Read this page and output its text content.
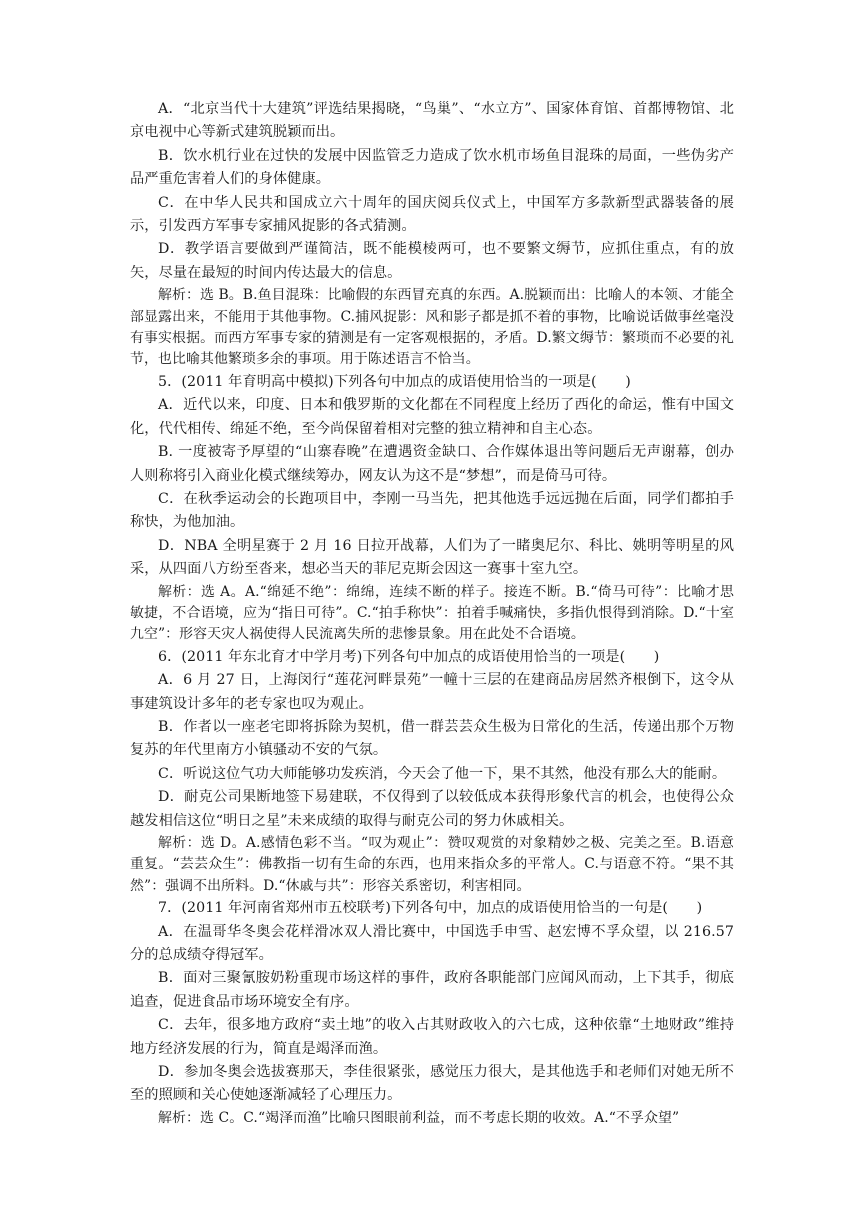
A．“北京当代十大建筑”评选结果揭晓，“鸟巢”、“水立方”、国家体育馆、首都博物馆、北京电视中心等新式建筑脱颖而出。

B．饮水机行业在过快的发展中因监管乏力造成了饮水机市场鱼目混珠的局面，一些伪劣产品严重危害着人们的身体健康。

C．在中华人民共和国成立六十周年的国庆阅兵仪式上，中国军方多款新型武器装备的展示，引发西方军事专家捕风捉影的各式猜测。

D．教学语言要做到严谨简洁，既不能模棱两可，也不要繁文缛节，应抓住重点，有的放矢，尽量在最短的时间内传达最大的信息。

解析：选 B。B.鱼目混珠：比喻假的东西冒充真的东西。A.脱颖而出：比喻人的本领、才能全部显露出来，不能用于其他事物。C.捕风捉影：风和影子都是抓不着的事物，比喻说话做事丝毫没有事实根据。而西方军事专家的猜测是有一定客观根据的，矛盾。D.繁文缛节：繁琐而不必要的礼节，也比喻其他繁琐多余的事项。用于陈述语言不恰当。

5．(2011 年育明高中模拟)下列各句中加点的成语使用恰当的一项是(　　)

A．近代以来，印度、日本和俄罗斯的文化都在不同程度上经历了西化的命运，惟有中国文化，代代相传、绵延不绝，至今尚保留着相对完整的独立精神和自主心态。

B. 一度被寄予厚望的“山寨春晚”在遭遇资金缺口、合作媒体退出等问题后无声谢幕，创办人则称将引入商业化模式继续筹办，网友认为这不是“梦想”，而是倚马可待。

C．在秋季运动会的长跑项目中，李刚一马当先，把其他选手远远抛在后面，同学们都拍手称快，为他加油。

D．NBA 全明星赛于 2 月 16 日拉开战幕，人们为了一睹奥尼尔、科比、姚明等明星的风采，从四面八方纷至沓来，想必当天的菲尼克斯会因这一赛事十室九空。

解析：选 A。A.“绵延不绝”：绵绵，连续不断的样子。接连不断。B.“倚马可待”：比喻才思敏捷，不合语境，应为“指日可待”。C.“拍手称快”：拍着手喊痛快，多指仇恨得到消除。D.“十室九空”：形容天灾人祸使得人民流离失所的悲惨景象。用在此处不合语境。

6．(2011 年东北育才中学月考)下列各句中加点的成语使用恰当的一项是(　　)

A．6 月 27 日，上海闵行“莲花河畔景苑”一幢十三层的在建商品房居然齐根倒下，这令从事建筑设计多年的老专家也叹为观止。

B．作者以一座老宅即将拆除为契机，借一群芸芸众生极为日常化的生活，传递出那个万物复苏的年代里南方小镇骚动不安的气氛。

C．听说这位气功大师能够功发疾消，今天会了他一下，果不其然，他没有那么大的能耐。

D．耐克公司果断地签下易建联，不仅得到了以较低成本获得形象代言的机会，也使得公众越发相信这位“明日之星”未来成绩的取得与耐克公司的努力休戚相关。

解析：选 D。A.感情色彩不当。“叹为观止”：赞叹观赏的对象精妙之极、完美之至。B.语意重复。“芸芸众生”：佛教指一切有生命的东西，也用来指众多的平常人。C.与语意不符。“果不其然”：强调不出所料。D.“休戚与共”：形容关系密切，利害相同。

7．(2011 年河南省郑州市五校联考)下列各句中，加点的成语使用恰当的一句是(　　)

A．在温哥华冬奥会花样滑冰双人滑比赛中，中国选手申雪、赵宏博不孚众望，以 216.57 分的总成绩夺得冠军。

B．面对三聚氰胺奶粉重现市场这样的事件，政府各职能部门应闻风而动，上下其手，彻底追查，促进食品市场环境安全有序。

C．去年，很多地方政府“卖土地”的收入占其财政收入的六七成，这种依靠“土地财政”维持地方经济发展的行为，简直是竭泽而渔。

D．参加冬奥会选拔赛那天，李佳很紧张，感觉压力很大，是其他选手和老师们对她无所不至的照顾和关心使她逐渐减轻了心理压力。

解析：选 C。C.“竭泽而渔”比喻只图眼前利益，而不考虑长期的收效。A.“不孚众望”
